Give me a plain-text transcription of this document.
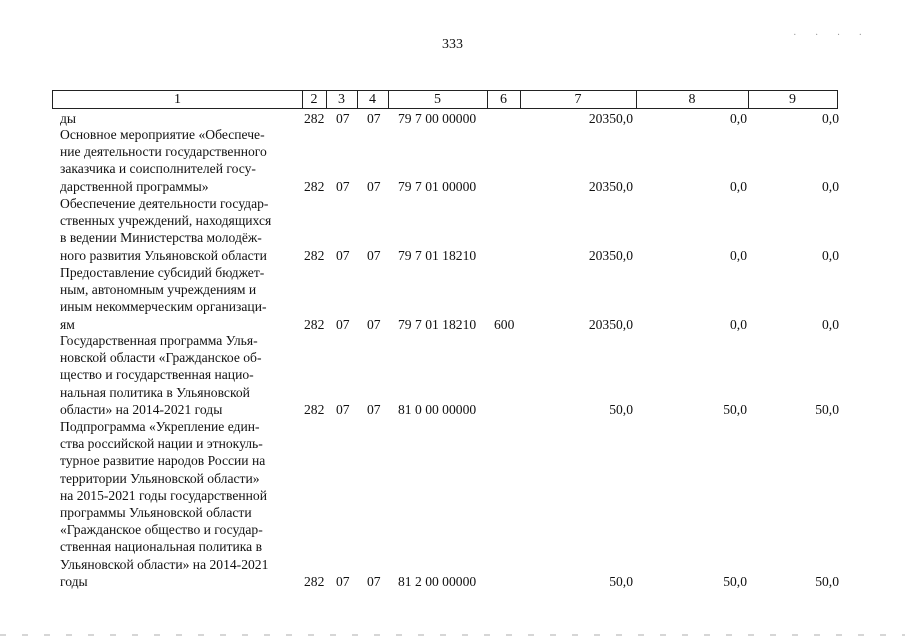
· · · ·
333
1	2	3	4	5	6	7	8	9
ды	282 07 07 79 7 00 00000	20350,0	0,0	0,0
Основное мероприятие «Обеспече-
ние деятельности государственного
заказчика и соисполнителей госу-
дарственной программы»	282 07 07 79 7 01 00000	20350,0	0,0	0,0
Обеспечение деятельности государ-
ственных учреждений, находящихся
в ведении Министерства молодёж-
ного развития Ульяновской области	282 07 07 79 7 01 18210	20350,0	0,0	0,0
Предоставление субсидий бюджет-
ным, автономным учреждениям и
иным некоммерческим организаци-
ям	282 07 07 79 7 01 18210 600	20350,0	0,0	0,0
Государственная программа Улья-
новской области «Гражданское об-
щество и государственная нацио-
нальная политика в Ульяновской
области» на 2014-2021 годы	282 07 07 81 0 00 00000	50,0	50,0	50,0
Подпрограмма «Укрепление един-
ства российской нации и этнокуль-
турное развитие народов России на
территории Ульяновской области»
на 2015-2021 годы государственной
программы Ульяновской области
«Гражданское общество и государ-
ственная национальная политика в
Ульяновской области» на 2014-2021
годы	282 07 07 81 2 00 00000	50,0	50,0	50,0
